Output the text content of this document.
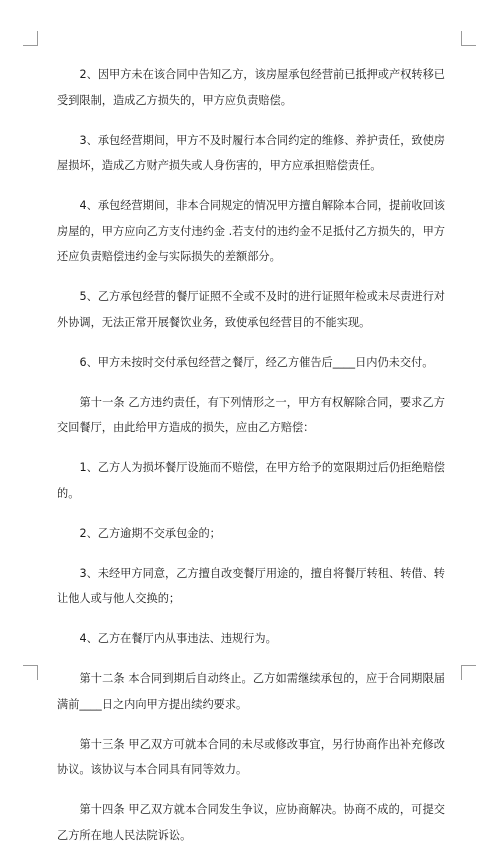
2、因甲方未在该合同中告知乙方，该房屋承包经营前已抵押或产权转移已受到限制，造成乙方损失的，甲方应负责赔偿。

3、承包经营期间，甲方不及时履行本合同约定的维修、养护责任，致使房屋损坏，造成乙方财产损失或人身伤害的，甲方应承担赔偿责任。

4、承包经营期间，非本合同规定的情况甲方擅自解除本合同，提前收回该房屋的，甲方应向乙方支付违约金 .若支付的违约金不足抵付乙方损失的，甲方还应负责赔偿违约金与实际损失的差额部分。

5、乙方承包经营的餐厅证照不全或不及时的进行证照年检或未尽责进行对外协调，无法正常开展餐饮业务，致使承包经营目的不能实现。

6、甲方未按时交付承包经营之餐厅，经乙方催告后____日内仍未交付。

第十一条 乙方违约责任，有下列情形之一，甲方有权解除合同，要求乙方交回餐厅，由此给甲方造成的损失，应由乙方赔偿：

1、乙方人为损坏餐厅设施而不赔偿，在甲方给予的宽限期过后仍拒绝赔偿的。

2、乙方逾期不交承包金的；

3、未经甲方同意，乙方擅自改变餐厅用途的，擅自将餐厅转租、转借、转让他人或与他人交换的；

4、乙方在餐厅内从事违法、违规行为。

第十二条 本合同到期后自动终止。乙方如需继续承包的，应于合同期限届满前____日之内向甲方提出续约要求。

第十三条 甲乙双方可就本合同的未尽或修改事宜，另行协商作出补充修改协议。该协议与本合同具有同等效力。

第十四条 甲乙双方就本合同发生争议，应协商解决。协商不成的，可提交乙方所在地人民法院诉讼。
